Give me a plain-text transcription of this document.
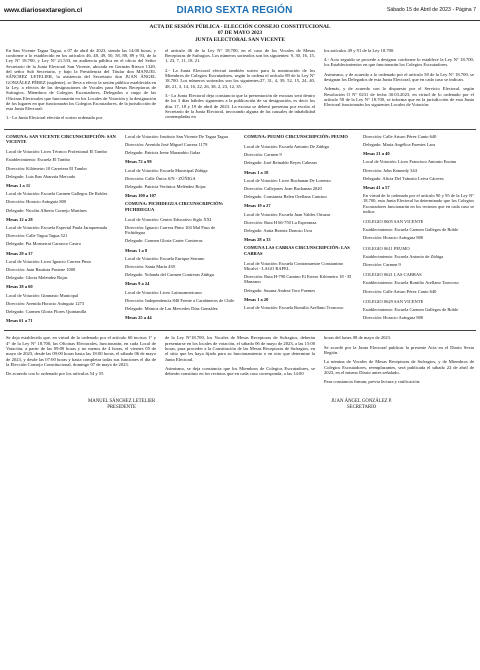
www.diariosextaregion.cl	DIARIO SEXTA REGIÓN	Sábado 15 de Abril de 2023 - Página 7
ACTA DE SESIÓN PÚBLICA - ELECCIÓN CONSEJO CONSTITUCIONAL
07 DE MAYO 2023
JUNTA ELECTORAL SAN VICENTE

En San Vicente Tagua Tagua, a 07 de abril de 2023, siendo las 14:00 horas, y conforme a lo establecido en los artículos 46, 48, 49, 50, 58, 88, 89 y 93, de la Ley N° 18.700, y Ley N° 21.533, en audiencia pública en el oficio del Señor Secretario de la Junta Electoral San Vicente, ubicada en Germán Riesco 1320, del señor Sub Secretario, y bajo la Presidencia del Titular don MANUEL SÁNCHEZ LETELIER, la asistencia del Secretario don JUAN ÁNGEL GONZÁLEZ PÉREZ (suplente), se lleva a efecto la sesión pública establecida en la Ley, a efectos de las designaciones de Vocales para Mesas Receptoras de Sufragios, Miembros de Colegios Escrutadores, Delegados a cargo de las Oficinas Electorales que funcionarán en los Locales de Votación y la designación de los lugares en que funcionarán los Colegios Escrutadores, de la jurisdicción de esta Junta Electoral:

1.- La Junta Electoral efectúa el sorteo ordenado por

el artículo 46 de la Ley N° 18.700, en el caso de los Vocales de Mesas Receptoras de Sufragios. Los números sorteados son los siguientes: 9, 30, 16, 15, 1, 23, 7, 11, 18, 21.

2.- La Junta Electoral efectuó también sorteo para la nominación de los Miembros de Colegios Escrutadores, según lo ordena el artículo 89 de la Ley N° 18.700. Los números sorteados son los siguientes:27, 31, 4, 39, 52, 15, 24, 40, 48, 21, 3, 14, 16, 22, 26, 38, 2, 23, 12, 35.

3.- La Junta Electoral deja constancia que la presentación de excusas será dentro de los 3 días hábiles siguientes a la publicación de su designación, es decir los días 17, 18 y 19 de abril de 2023. La excusa se deberá presentar por escrito al Secretario de la Junta Electoral, invocando alguna de las causales de inhabilidad contempladas en

los artículos 49 y 91 de la Ley 18.700.

4.- Acto seguido se procede a designar conforme lo establece la Ley N° 18.700, los Establecimientos en que funcionarán los Colegios Escrutadores.

Asimismo, y de acuerdo a lo ordenado por el artículo 58 de la Ley N° 18.700, se designan los Delegados de esta Junta Electoral, que en cada caso se indican.

Además, y de acuerdo con lo dispuesto por el Servicio Electoral, según Resolución O N° 0231 de fecha 30.03.2023, en virtud de lo ordenado por el artículo 58 de la Ley N° 18.700, se informa que en la jurisdicción de esta Junta Electoral funcionarán los siguientes Locales de Votación:

COMUNA: SAN VICENTE CIRCUNSCRIPCIÓN: SAN VICENTE
Local de Votación: Liceo Técnico Profesional El Tambo
Establecimiento: Escuela El Tambo
Dirección: Kilómetro 10 Carretera El Tambo
Delegado: Luis Ibar Abarzúa Mercado
Mesas 1 a 11
Local de Votación: Escuela Carmen Gallegos De Robles
Dirección: Horacio Aránguiz 800
Delegado: Nicolás Alberto Cornejo Martínes
Mesas 12 a 28
Local de Votación: Escuela Especial Paula Jaraquemada
Dirección: Calle Tagua Tagua 521
Delegado: Pía Monserrat Carrasco Castro
Mesas 29 a 37
Local de Votación: Liceo Ignacio Carrera Pinto
Dirección: Juan Bautista Pastene 1000
Delegado: Gloria Melendez Rojas
Mesas 38 a 60
Local de Votación: Gimnasio Municipal
Dirección: Avenida Horacio Aránguiz 1273
Delegado: Carmen Gloria Flores Quintanilla
Mesas 61 a 71
Local de Votación: Instituto San Vicente De Tagua Tagua
Dirección: Avenida José Miguel Carrera 1179
Delegado: Patricia Irene Marambio Galaz
Mesas 72 a 99
Local de Votación: Escuela Municipal Zúñiga
Dirección: Calle Única S/N - ZÚÑIGA
Delegado: Patricia Verónica Meléndez Rojas
Mesas 100 a 107
COMUNA: PICHIDEGUA CIRCUNSCRIPCIÓN: PICHIDEGUA
Local de Votación: Centro Educativo Siglo XXI
Dirección: Ignacio Carrera Pinto 104 Mal Paso de Pichidegua
Delegado: Carmen Gloria Carter Contreras
Mesas 1 a 8
Local de Votación: Escuela Enrique Serrano
Dirección: Santa María 439
Delegado: Yolanda del Carmen Contreras Zúñiga.
Mesas 9 a 24
Local de Votación: Liceo Latinoamericano
Dirección: Independencia 840 Frente a Carabineros de Chile
Delegado: Mónica de Las Mercedes Díaz González
Mesas 25 a 44
COMUNA: PEUMO CIRCUNSCRIPCIÓN: PEUMO
Local de Votación: Escuela Antonio De Zúñiga
Dirección: Carmen 9
Delegado: José Reinaldo Reyes Cabezas
Mesas 1 a 18
Local de Votación: Liceo Buchanan De Lorenzo
Dirección: Callejones Joan Buchanan 2020
Delegado: Constanza Belen Orellana Cancino
Mesas 19 a 27
Local de Votación: Escuela Juan Valdes Ortuzar
Dirección: Ruta H 66-750 La Esperanza
Delegado: Anita Beatriz Donoso Urra
Mesas 28 a 33
COMUNA LAS CABRAS CIRCUNSCRIPCIÓN: LAS CABRAS
Local de Votación: Escuela Contramaestre Constantino Micalvi - LAGO RAPEL
Dirección: Ruta H-790 Camino El Estero Kilómetro 18 - El Manzano
Delegado: Susana Andrea Toro Fuentes
Mesas 1 a 20
Local de Votación: Escuela Romilio Arellano Troncoso
Dirección: Calle Arturo Pérez Canto 640
Delegado: María Angélica Fuentes Lara
Mesas 21 a 40
Local de Votación: Liceo Francisco Antonio Encina
Dirección: John Kennedy 344
Delegado: Alicia Del Tránsito Leiva Cáceres
Mesas 41 a 57
En virtud de lo ordenado por el artículo 90 y 95 de la Ley N° 18.700, esta Junta Electoral ha determinado que los Colegios Escrutadores funcionarán en los recintos que en cada caso se indica:
COLEGIO 0605 SAN VICENTE
Establecimiento: Escuela Carmen Gallegos de Roble
Dirección: Horacio Aránguiz 800
COLEGIO 0611 PEUMO
Establecimiento: Escuela Antonio de Zúñiga
Dirección: Carmen 9
COLEGIO 0621 LAS CABRAS
Establecimiento: Escuela Romilio Arellano Troncoso
Dirección: Calle Arturo Pérez Canto 640
COLEGIO 0629 SAN VICENTE
Establecimiento: Escuela Carmen Gallegos de Roble
Dirección: Horacio Aránguiz 800

Se deja establecido que, en virtud de lo ordenado por el artículo 60 incisos 1° y 4° de la Ley N° 18.700, las Oficinas Electorales, funcionarán, en cada Local de Votación, a partir de las 09:00 horas y no menos de 4 horas, el viernes 05 de mayo de 2023, desde las 09:00 horas hasta las 18:00 horas, el sábado 06 de mayo de 2023, y desde las 07:00 horas y hasta completar todas sus funciones el día de la Elección Consejo Constitucional, domingo 07 de mayo de 2023.

De acuerdo con lo ordenado por los artículos 54 y 55

de la Ley N°18.700, los Vocales de Mesas Receptoras de Sufragios, deberán presentarse en los locales de votación, el sábado 06 de mayo de 2023, a las 15:00 horas, para proceder a la Constitución de las Mesas Receptoras de Sufragios, en el sitio que les haya fijado para su funcionamiento o en otro que determine la Junta Electoral.

Asimismo, se deja constancia que los Miembros de Colegios Escrutadores, se deberán constituir en los recintos que en cada caso corresponda, a las 14:00

horas del lunes 08 de mayo de 2023.

Se acordó por la Junta Electoral publicar la presente Acta en el Diario Sexta Región.

La nómina de Vocales de Mesas Receptoras de Sufragios, y de Miembros de Colegios Escrutadores, reemplazantes, será publicada el sábado 22 de abril de 2023, en el mismo Diario antes señalado.

Para constancia firman, previa lectura y ratificación:

MANUEL SÁNCHEZ LETELIER
PRESIDENTE
JUAN ÁNGEL GONZÁLEZ P.
SECRETARIO
